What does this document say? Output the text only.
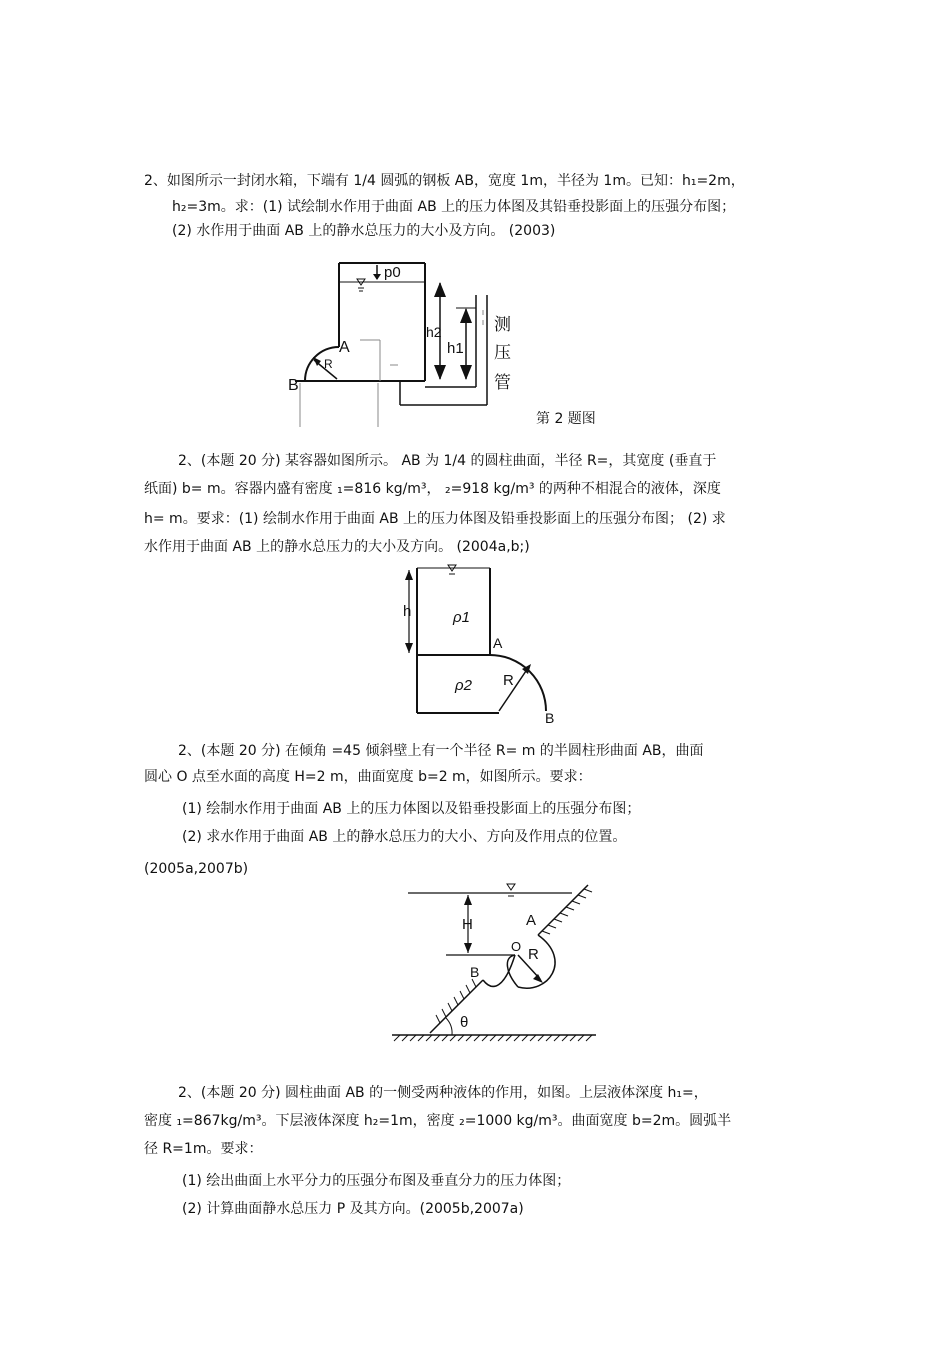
2、如图所示一封闭水箱，下端有 1/4 圆弧的钢板 AB，宽度 1m，半径为 1m。已知：h₁=2m，

h₂=3m。求：(1) 试绘制水作用于曲面 AB 上的压力体图及其铅垂投影面上的压强分布图；

(2) 水作用于曲面 AB 上的静水总压力的大小及方向。 (2003)

p0
h2
h1
A
R
B
测
压
管
第 2 题图

2、(本题 20 分) 某容器如图所示。 AB 为 1/4 的圆柱曲面，半径 R=，其宽度 (垂直于

纸面) b= m。容器内盛有密度 ₁=816 kg/m³， ₂=918 kg/m³ 的两种不相混合的液体，深度

h= m。要求：(1) 绘制水作用于曲面 AB 上的压力体图及铅垂投影面上的压强分布图； (2) 求

水作用于曲面 AB 上的静水总压力的大小及方向。 (2004a,b;)

h	ρ1
ρ2
A
R
B

2、(本题 20 分) 在倾角 =45 倾斜壁上有一个半径 R= m 的半圆柱形曲面 AB，曲面

圆心 O 点至水面的高度 H=2 m，曲面宽度 b=2 m，如图所示。要求：

(1) 绘制水作用于曲面 AB 上的压力体图以及铅垂投影面上的压强分布图；

(2) 求水作用于曲面 AB 上的静水总压力的大小、方向及作用点的位置。

(2005a,2007b)

H	A
O R
B
θ

2、(本题 20 分) 圆柱曲面 AB 的一侧受两种液体的作用，如图。上层液体深度 h₁=，

密度 ₁=867kg/m³。下层液体深度 h₂=1m，密度 ₂=1000 kg/m³。曲面宽度 b=2m。圆弧半

径 R=1m。要求：

(1) 绘出曲面上水平分力的压强分布图及垂直分力的压力体图；

(2) 计算曲面静水总压力 P 及其方向。(2005b,2007a)
